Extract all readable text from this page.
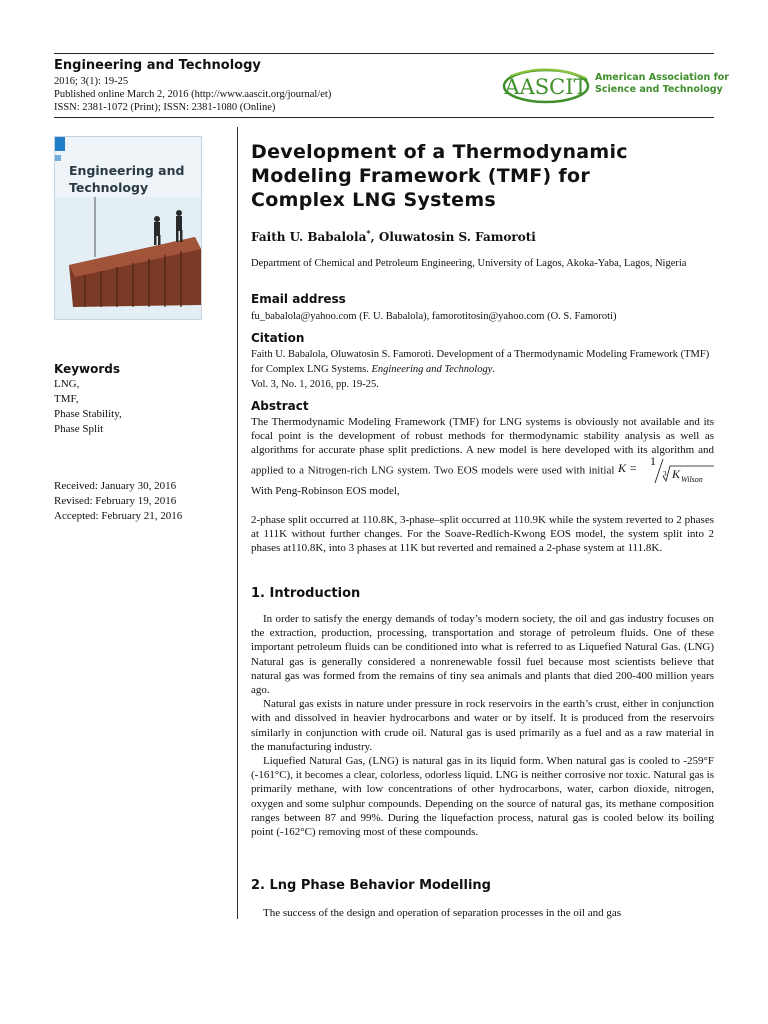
Engineering and Technology
2016; 3(1): 19-25
Published online March 2, 2016 (http://www.aascit.org/journal/et)
ISSN: 2381-1072 (Print); ISSN: 2381-1080 (Online)
AASCIT American Association for
Science and Technology
Engineering and
Technology
Keywords
LNG,
TMF,
Phase Stability,
Phase Split
Received: January 30, 2016
Revised: February 19, 2016
Accepted: February 21, 2016
Development of a Thermodynamic
Modeling Framework (TMF) for
Complex LNG Systems
Faith U. Babalola*, Oluwatosin S. Famoroti
Department of Chemical and Petroleum Engineering, University of Lagos, Akoka-Yaba, Lagos, Nigeria
Email address
fu_babalola@yahoo.com (F. U. Babalola), famorotitosin@yahoo.com (O. S. Famoroti)
Citation
Faith U. Babalola, Oluwatosin S. Famoroti. Development of a Thermodynamic Modeling Framework (TMF) for Complex LNG Systems. Engineering and Technology.
Vol. 3, No. 1, 2016, pp. 19-25.
Abstract
The Thermodynamic Modeling Framework (TMF) for LNG systems is obviously not available and its focal point is the development of robust methods for thermodynamic stability analysis as well as algorithms for accurate phase split predictions. A new model is here developed with its algorithm and applied to a Nitrogen-rich LNG system. Two EOS models were used with initial K = 1
3 K Wilson
With Peng-Robinson EOS model,
2-phase split occurred at 110.8K, 3-phase–split occurred at 110.9K while the system reverted to 2 phases at 111K without further changes. For the Soave-Redlich-Kwong EOS model, the system split into 2 phases at110.8K, into 3 phases at 11K but reverted and remained a 2-phase system at 111.8K.
1. Introduction

In order to satisfy the energy demands of today’s modern society, the oil and gas industry focuses on the extraction, production, processing, transportation and storage of petroleum fluids. One of these important petroleum fluids can be conditioned into what is referred to as Liquefied Natural Gas. (LNG) Natural gas is generally considered a nonrenewable fossil fuel because most scientists believe that natural gas was formed from the remains of tiny sea animals and plants that died 200-400 million years ago.

Natural gas exists in nature under pressure in rock reservoirs in the earth’s crust, either in conjunction with and dissolved in heavier hydrocarbons and water or by itself. It is produced from the reservoirs similarly in conjunction with crude oil. Natural gas is used primarily as a fuel and as a raw material in the manufacturing industry.

Liquefied Natural Gas, (LNG) is natural gas in its liquid form. When natural gas is cooled to -259°F (-161°C), it becomes a clear, colorless, odorless liquid. LNG is neither corrosive nor toxic. Natural gas is primarily methane, with low concentrations of other hydrocarbons, water, carbon dioxide, nitrogen, oxygen and some sulphur compounds. Depending on the source of natural gas, its methane composition ranges between 87 and 99%. During the liquefaction process, natural gas is cooled below its boiling point (-162°C) removing most of these compounds.

2. Lng Phase Behavior Modelling

The success of the design and operation of separation processes in the oil and gas
